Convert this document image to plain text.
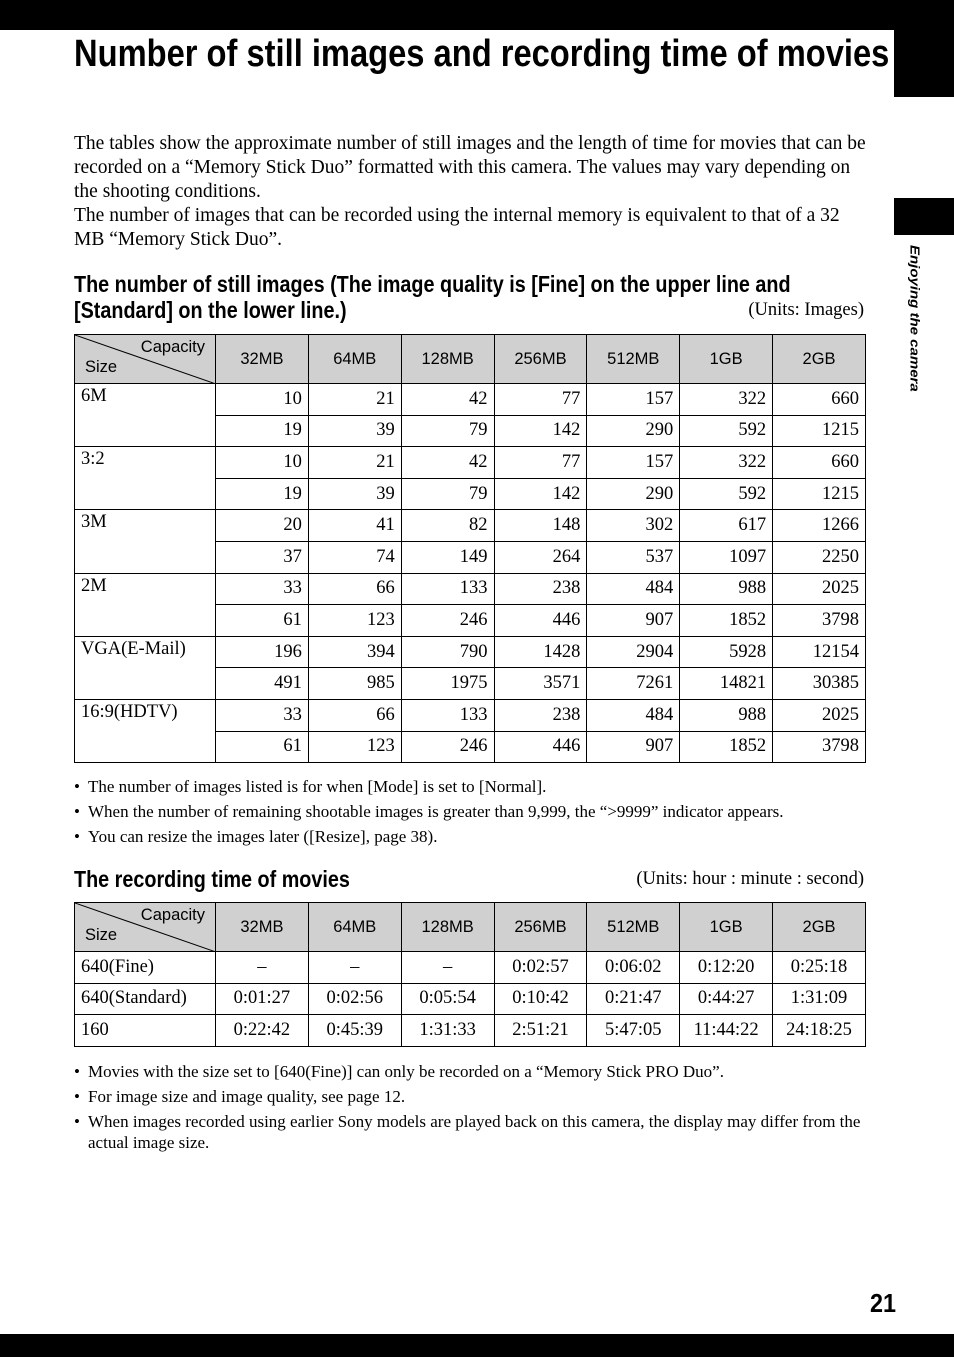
Enjoying the camera
Number of still images and recording time of movies

The tables show the approximate number of still images and the length of time for movies that can be recorded on a “Memory Stick Duo” formatted with this camera. The values may vary depending on the shooting conditions.

The number of images that can be recorded using the internal memory is equivalent to that of a 32 MB “Memory Stick Duo”.

The number of still images (The image quality is [Fine] on the upper line and [Standard] on the lower line.)	(Units: Images)
Capacity
Size	32MB	64MB	128MB	256MB	512MB	1GB	2GB
6M	10	21	42	77	157	322	660
	19	39	79	142	290	592	1215
3:2	10	21	42	77	157	322	660
	19	39	79	142	290	592	1215
3M	20	41	82	148	302	617	1266
	37	74	149	264	537	1097	2250
2M	33	66	133	238	484	988	2025
	61	123	246	446	907	1852	3798
VGA(E-Mail)	196	394	790	1428	2904	5928	12154
	491	985	1975	3571	7261	14821	30385
16:9(HDTV)	33	66	133	238	484	988	2025
	61	123	246	446	907	1852	3798
• The number of images listed is for when [Mode] is set to [Normal].
• When the number of remaining shootable images is greater than 9,999, the “>9999” indicator appears.
• You can resize the images later ([Resize], page 38).
The recording time of movies	(Units: hour : minute : second)
Capacity
Size	32MB	64MB	128MB	256MB	512MB	1GB	2GB
640(Fine)	–	–	–	0:02:57	0:06:02	0:12:20	0:25:18
640(Standard)	0:01:27	0:02:56	0:05:54	0:10:42	0:21:47	0:44:27	1:31:09
160	0:22:42	0:45:39	1:31:33	2:51:21	5:47:05	11:44:22	24:18:25
• Movies with the size set to [640(Fine)] can only be recorded on a “Memory Stick PRO Duo”.
• For image size and image quality, see page 12.
• When images recorded using earlier Sony models are played back on this camera, the display may differ from the actual image size.
21
